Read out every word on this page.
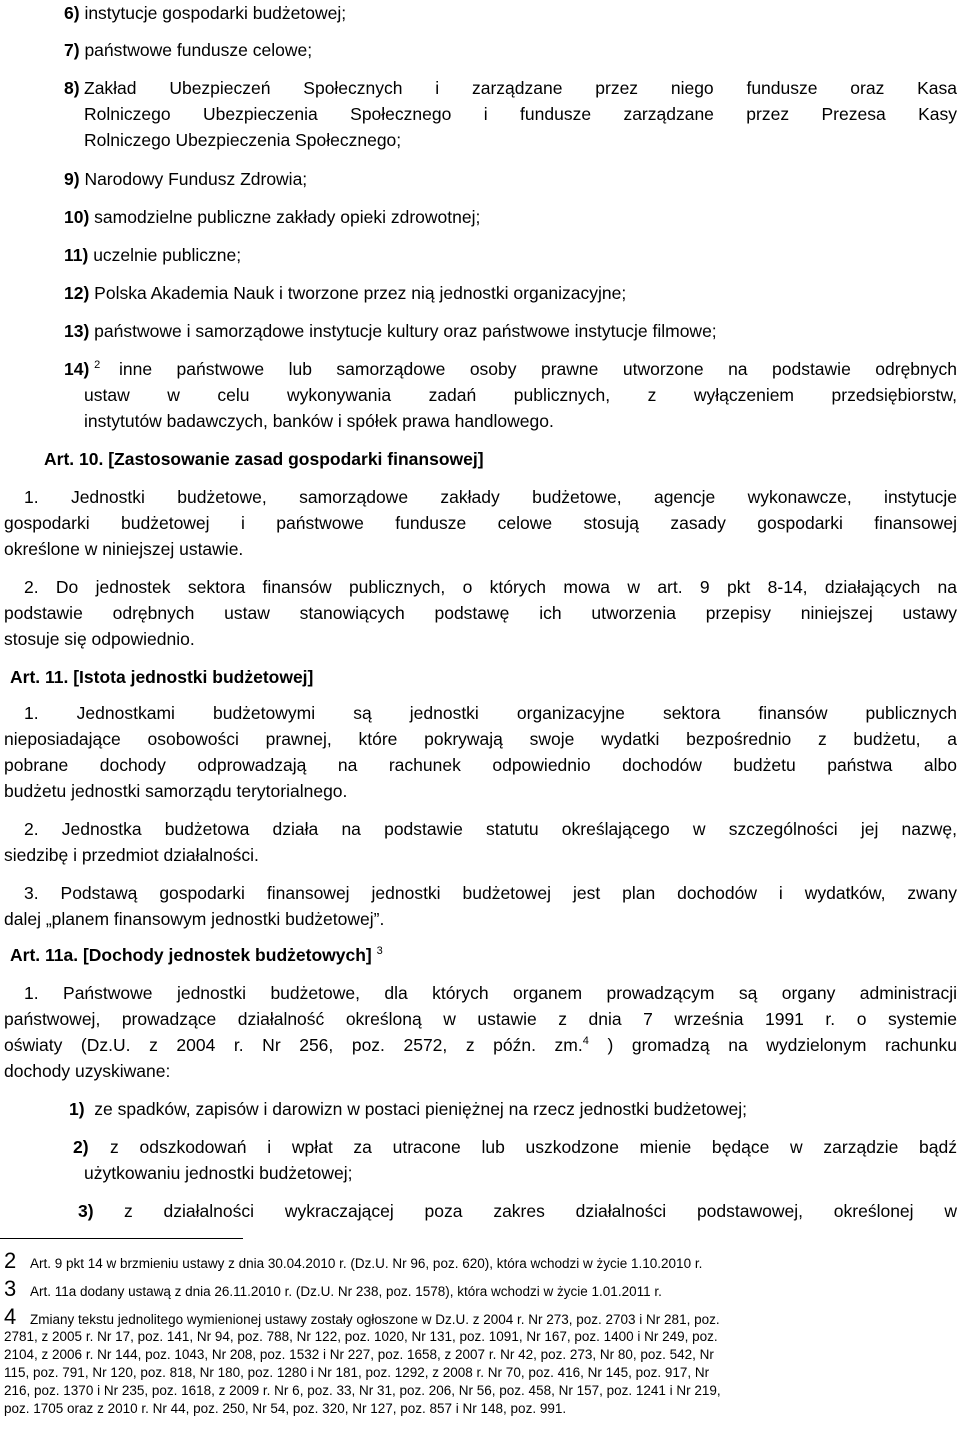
6) instytucje gospodarki budżetowej;
7) państwowe fundusze celowe;
8) Zakład Ubezpieczeń Społecznych i zarządzane przez niego fundusze oraz Kasa
Rolniczego Ubezpieczenia Społecznego i fundusze zarządzane przez Prezesa Kasy
Rolniczego Ubezpieczenia Społecznego;
9) Narodowy Fundusz Zdrowia;
10) samodzielne publiczne zakłady opieki zdrowotnej;
11) uczelnie publiczne;
12) Polska Akademia Nauk i tworzone przez nią jednostki organizacyjne;
13) państwowe i samorządowe instytucje kultury oraz państwowe instytucje filmowe;
14) $^2$ inne państwowe lub samorządowe osoby prawne utworzone na podstawie odrębnych
ustaw w celu wykonywania zadań publicznych, z wyłączeniem przedsiębiorstw,
instytutów badawczych, banków i spółek prawa handlowego.
Art. 10. [Zastosowanie zasad gospodarki finansowej]
1. Jednostki budżetowe, samorządowe zakłady budżetowe, agencje wykonawcze, instytucje
gospodarki budżetowej i państwowe fundusze celowe stosują zasady gospodarki finansowej
określone w niniejszej ustawie.
2. Do jednostek sektora finansów publicznych, o których mowa w art. 9 pkt 8-14, działających na
podstawie odrębnych ustaw stanowiących podstawę ich utworzenia przepisy niniejszej ustawy
stosuje się odpowiednio.
Art. 11. [Istota jednostki budżetowej]
1. Jednostkami budżetowymi są jednostki organizacyjne sektora finansów publicznych
nieposiadające osobowości prawnej, które pokrywają swoje wydatki bezpośrednio z budżetu, a
pobrane dochody odprowadzają na rachunek odpowiednio dochodów budżetu państwa albo
budżetu jednostki samorządu terytorialnego.
2. Jednostka budżetowa działa na podstawie statutu określającego w szczególności jej nazwę,
siedzibę i przedmiot działalności.
3. Podstawą gospodarki finansowej jednostki budżetowej jest plan dochodów i wydatków, zwany
dalej „planem finansowym jednostki budżetowej”.
Art. 11a. [Dochody jednostek budżetowych] $^3$
1. Państwowe jednostki budżetowe, dla których organem prowadzącym są organy administracji
państwowej, prowadzące działalność określoną w ustawie z dnia 7 września 1991 r. o systemie
oświaty (Dz.U. z 2004 r. Nr 256, poz. 2572, z późn. zm.$^4$ ) gromadzą na wydzielonym rachunku
dochody uzyskiwane:
1) ze spadków, zapisów i darowizn w postaci pieniężnej na rzecz jednostki budżetowej;
2) z odszkodowań i wpłat za utracone lub uszkodzone mienie będące w zarządzie bądź
użytkowaniu jednostki budżetowej;
3) z działalności wykraczającej poza zakres działalności podstawowej, określonej w
2 Art. 9 pkt 14 w brzmieniu ustawy z dnia 30.04.2010 r. (Dz.U. Nr 96, poz. 620), która wchodzi w życie 1.10.2010 r.
3 Art. 11a dodany ustawą z dnia 26.11.2010 r. (Dz.U. Nr 238, poz. 1578), która wchodzi w życie 1.01.2011 r.
4 Zmiany tekstu jednolitego wymienionej ustawy zostały ogłoszone w Dz.U. z 2004 r. Nr 273, poz. 2703 i Nr 281, poz.
2781, z 2005 r. Nr 17, poz. 141, Nr 94, poz. 788, Nr 122, poz. 1020, Nr 131, poz. 1091, Nr 167, poz. 1400 i Nr 249, poz.
2104, z 2006 r. Nr 144, poz. 1043, Nr 208, poz. 1532 i Nr 227, poz. 1658, z 2007 r. Nr 42, poz. 273, Nr 80, poz. 542, Nr
115, poz. 791, Nr 120, poz. 818, Nr 180, poz. 1280 i Nr 181, poz. 1292, z 2008 r. Nr 70, poz. 416, Nr 145, poz. 917, Nr
216, poz. 1370 i Nr 235, poz. 1618, z 2009 r. Nr 6, poz. 33, Nr 31, poz. 206, Nr 56, poz. 458, Nr 157, poz. 1241 i Nr 219,
poz. 1705 oraz z 2010 r. Nr 44, poz. 250, Nr 54, poz. 320, Nr 127, poz. 857 i Nr 148, poz. 991.
